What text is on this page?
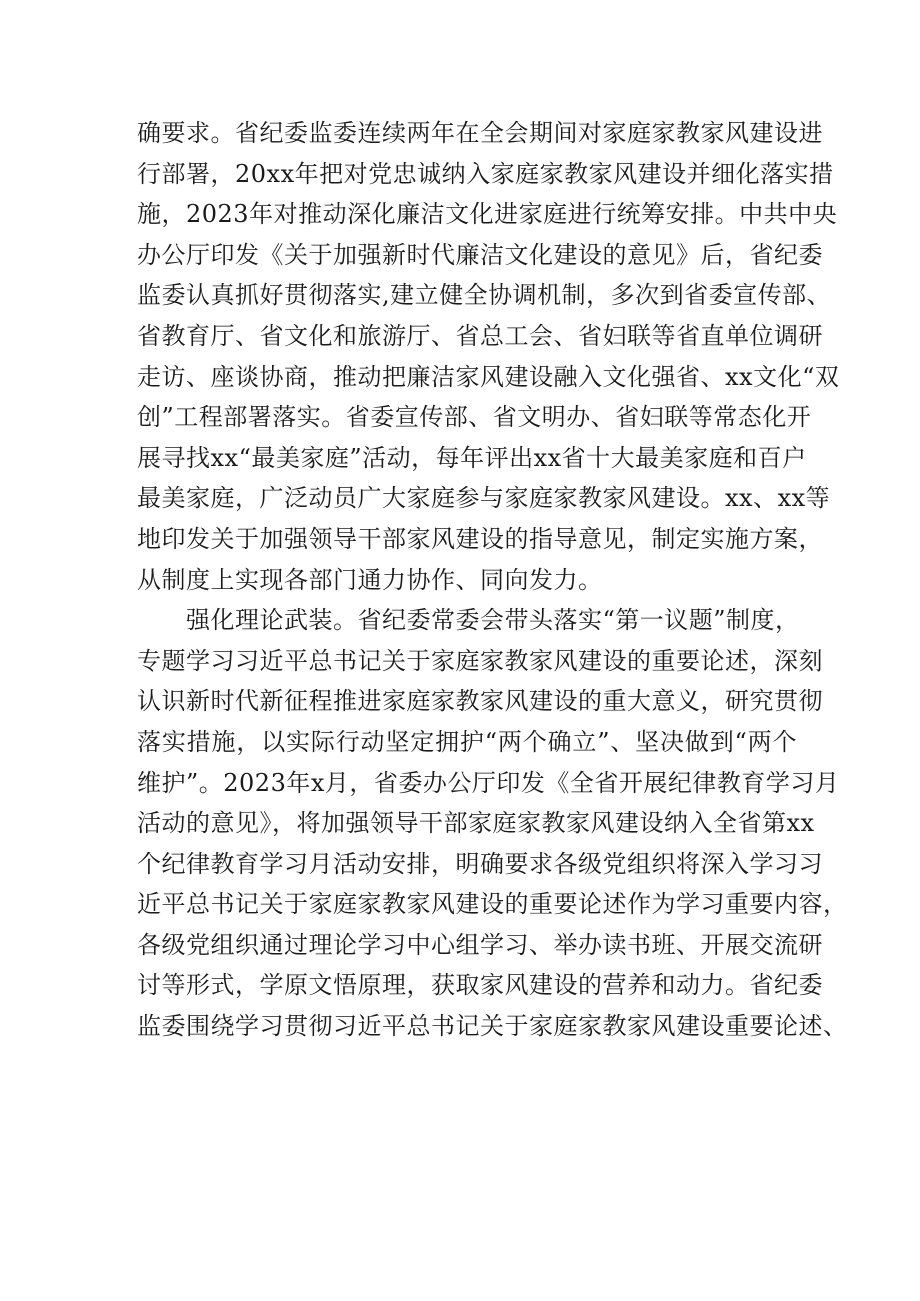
确要求。省纪委监委连续两年在全会期间对家庭家教家风建设进
行部署，20xx年把对党忠诚纳入家庭家教家风建设并细化落实措
施，2023年对推动深化廉洁文化进家庭进行统筹安排。中共中央
办公厅印发《关于加强新时代廉洁文化建设的意见》后，省纪委
监委认真抓好贯彻落实,建立健全协调机制，多次到省委宣传部、
省教育厅、省文化和旅游厅、省总工会、省妇联等省直单位调研
走访、座谈协商，推动把廉洁家风建设融入文化强省、xx文化“双
创”工程部署落实。省委宣传部、省文明办、省妇联等常态化开
展寻找xx“最美家庭”活动，每年评出xx省十大最美家庭和百户
最美家庭，广泛动员广大家庭参与家庭家教家风建设。xx、xx等
地印发关于加强领导干部家风建设的指导意见，制定实施方案，
从制度上实现各部门通力协作、同向发力。
强化理论武装。省纪委常委会带头落实“第一议题”制度，
专题学习习近平总书记关于家庭家教家风建设的重要论述，深刻
认识新时代新征程推进家庭家教家风建设的重大意义，研究贯彻
落实措施，以实际行动坚定拥护“两个确立”、坚决做到“两个
维护”。2023年x月，省委办公厅印发《全省开展纪律教育学习月
活动的意见》，将加强领导干部家庭家教家风建设纳入全省第xx
个纪律教育学习月活动安排，明确要求各级党组织将深入学习习
近平总书记关于家庭家教家风建设的重要论述作为学习重要内容，
各级党组织通过理论学习中心组学习、举办读书班、开展交流研
讨等形式，学原文悟原理，获取家风建设的营养和动力。省纪委
监委围绕学习贯彻习近平总书记关于家庭家教家风建设重要论述、
